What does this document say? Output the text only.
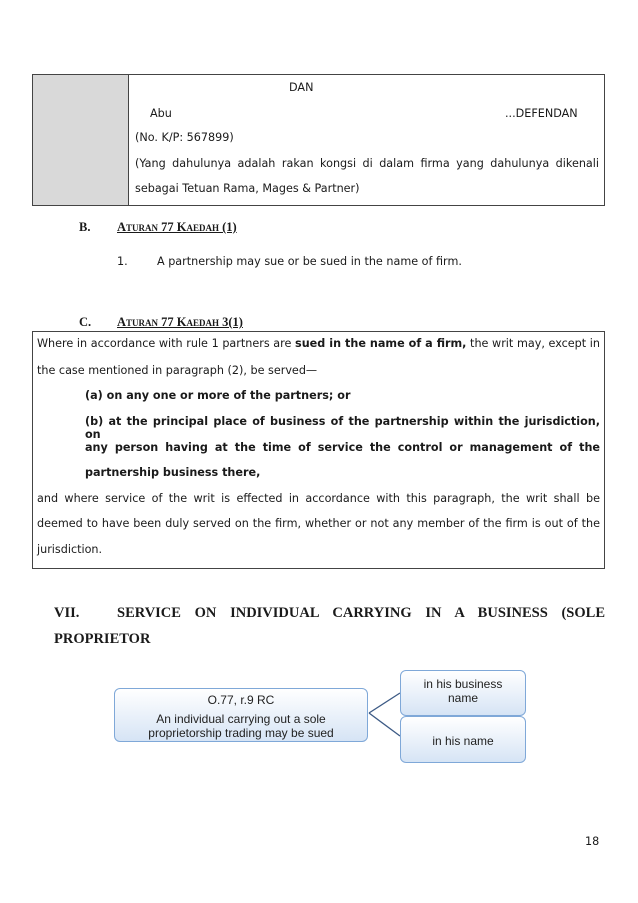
DAN
Abu	...DEFENDAN
(No. K/P: 567899)
(Yang dahulunya adalah rakan kongsi di dalam firma yang dahulunya dikenali
sebagai Tetuan Rama, Mages & Partner)
B. Aturan 77 Kaedah (1)
1.	A partnership may sue or be sued in the name of firm.
C. Aturan 77 Kaedah 3(1)
Where in accordance with rule 1 partners are sued in the name of a firm, the writ may, except in
the case mentioned in paragraph (2), be served—
(a) on any one or more of the partners; or
(b) at the principal place of business of the partnership within the jurisdiction, on
any person having at the time of service the control or management of the
partnership business there,
and where service of the writ is effected in accordance with this paragraph, the writ shall be
deemed to have been duly served on the firm, whether or not any member of the firm is out of the
jurisdiction.
VII.	SERVICE ON INDIVIDUAL CARRYING IN A BUSINESS (SOLE
PROPRIETOR
O.77, r.9 RC
An individual carrying out a sole
proprietorship trading may be sued
in his business
name
in his name
18
